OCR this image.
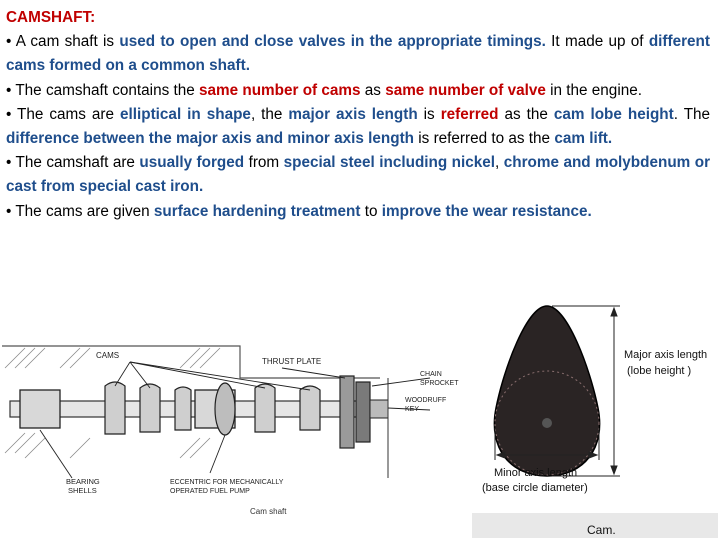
CAMSHAFT:
• A cam shaft is used to open and close valves in the appropriate timings. It made up of different cams formed on a common shaft.
• The camshaft contains the same number of cams as same number of valve in the engine.
• The cams are elliptical in shape, the major axis length is referred as the cam lobe height. The difference between the major axis and minor axis length is referred to as the cam lift.
• The camshaft are usually forged from special steel including nickel, chrome and molybdenum or cast from special cast iron.
• The cams are given surface hardening treatment to improve the wear resistance.
CAMS
THRUST PLATE
CHAIN
SPROCKET
WOODRUFF
KEY
BEARING
SHELLS
ECCENTRIC FOR MECHANICALLY
OPERATED FUEL PUMP
Cam shaft
Major axis length
(lobe height )
Minor axis length
(base circle diameter)
Cam.
